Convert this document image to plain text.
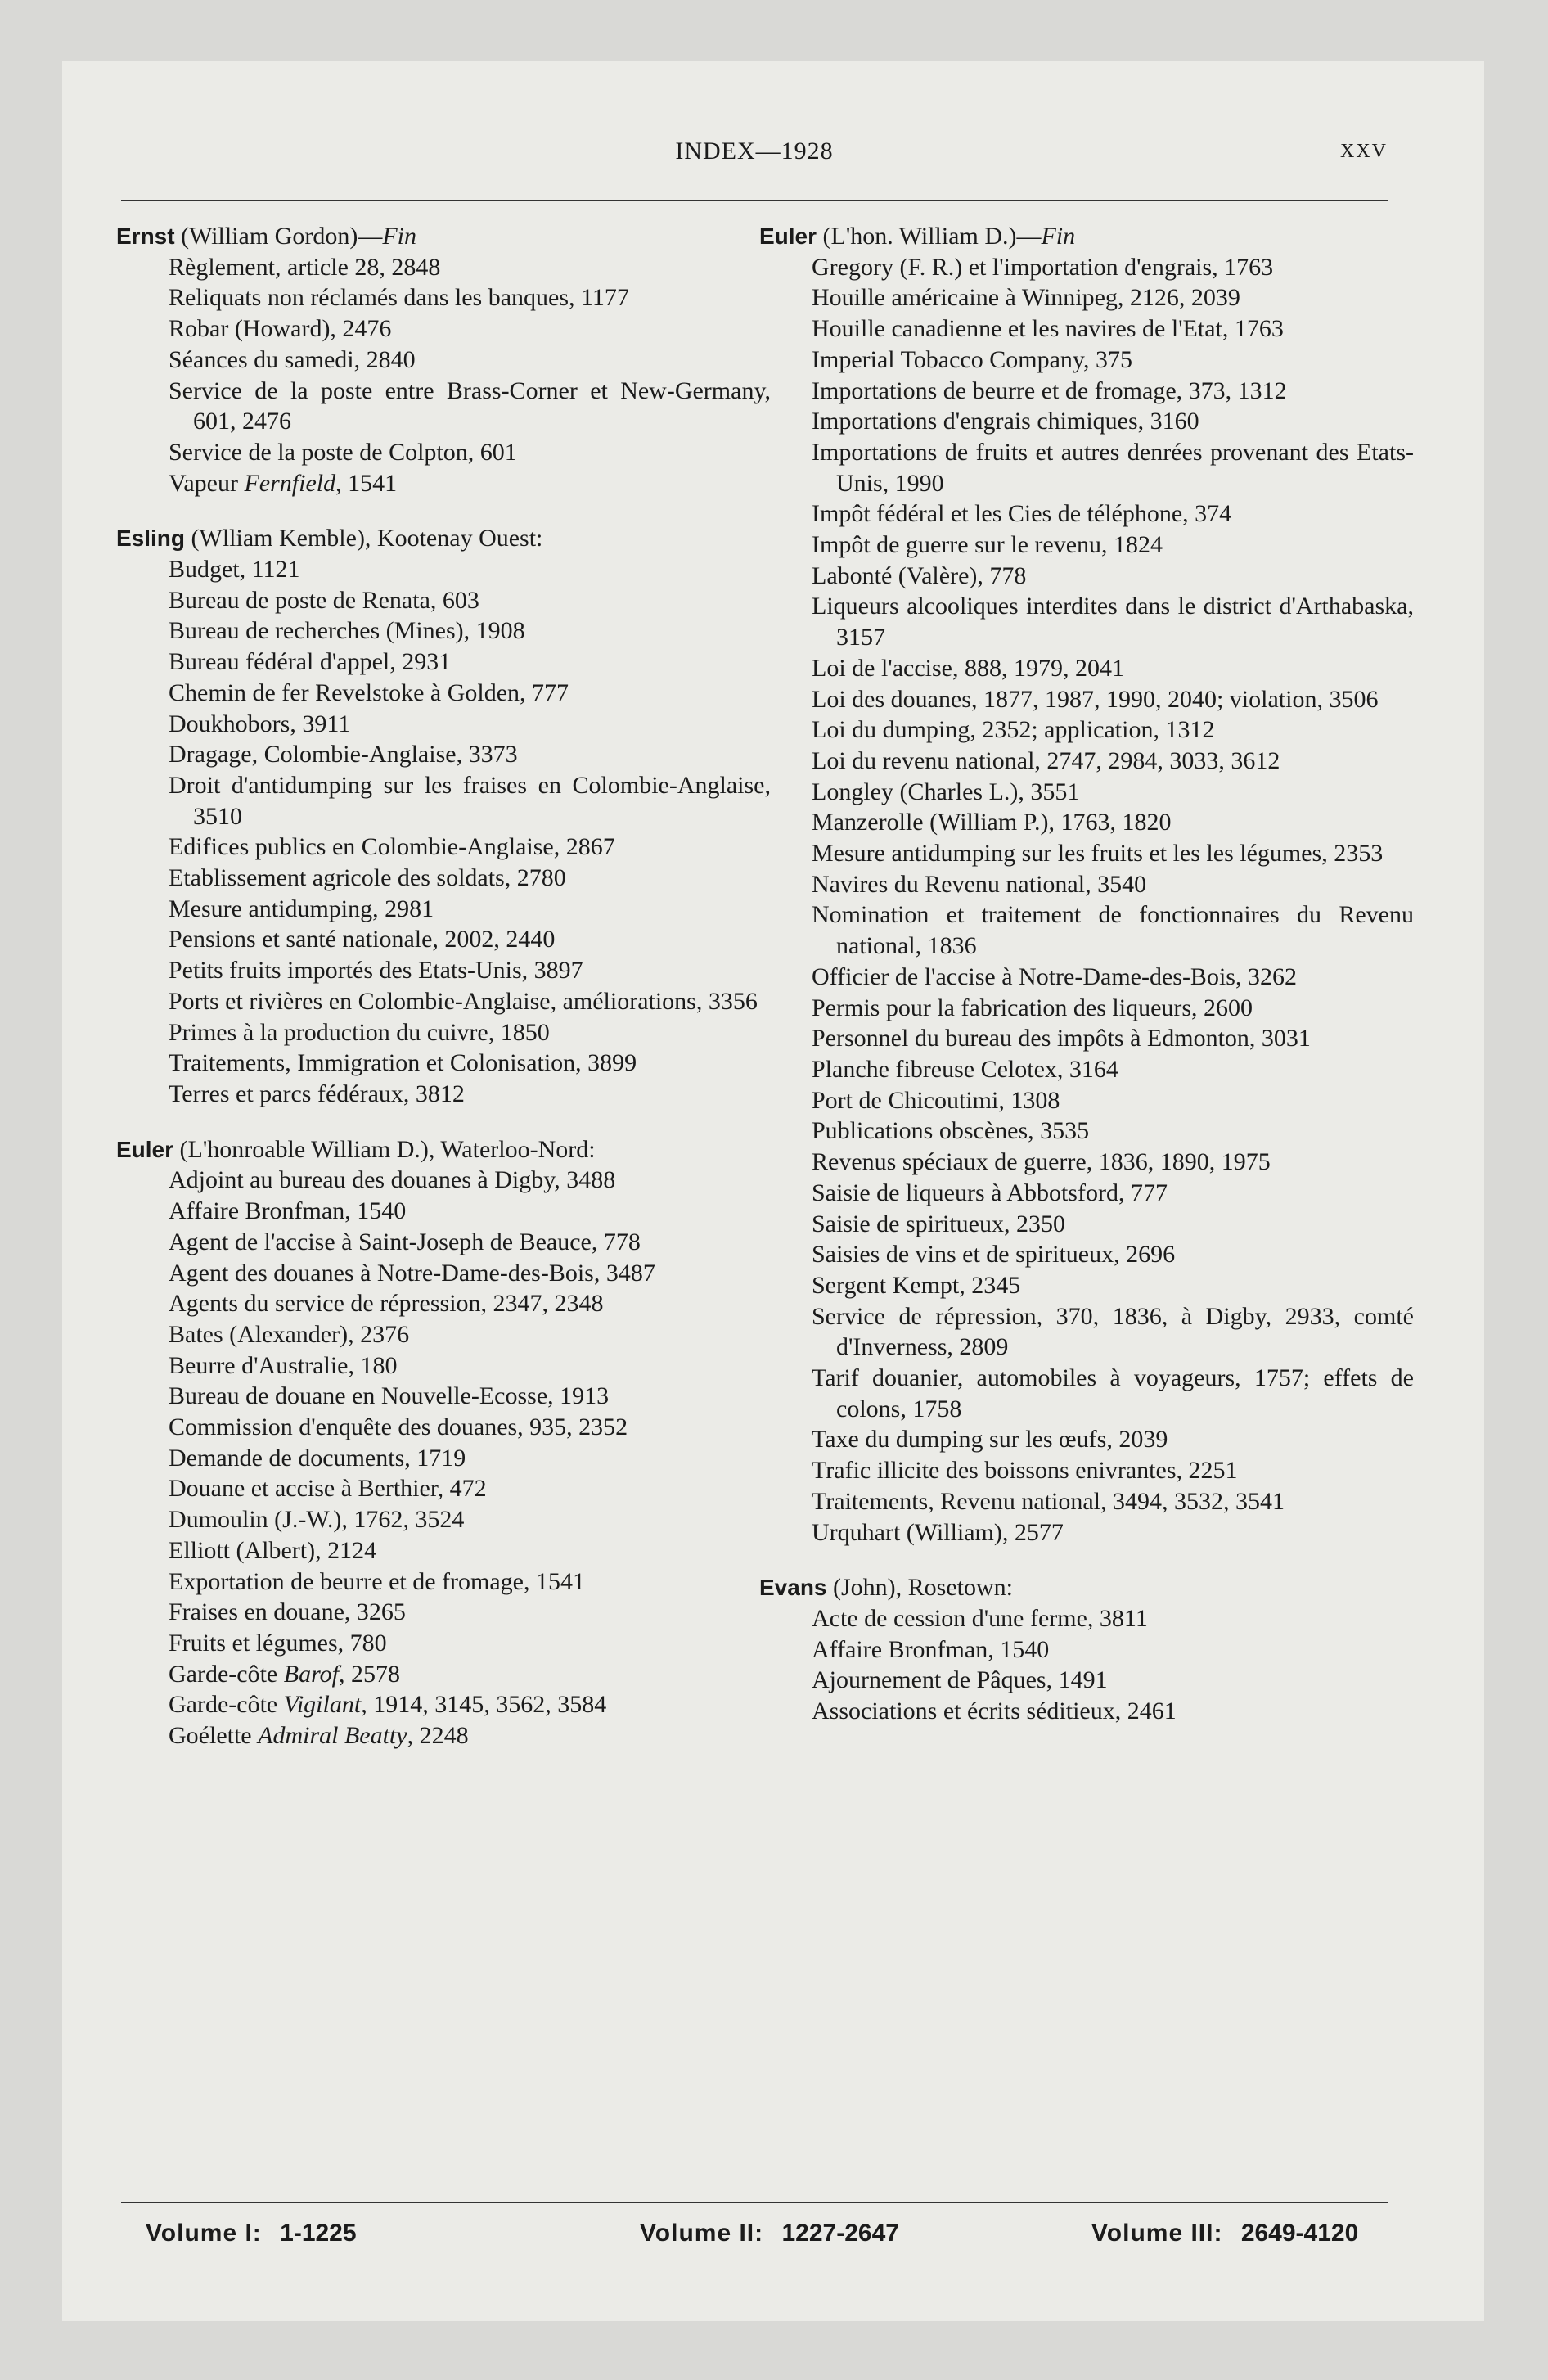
INDEX—1928	XXV
Ernst (William Gordon)—Fin
Règlement, article 28, 2848
Reliquats non réclamés dans les banques, 1177
Robar (Howard), 2476
Séances du samedi, 2840
Service de la poste entre Brass-Corner et New-Germany, 601, 2476
Service de la poste de Colpton, 601
Vapeur Fernfield, 1541
Esling (Wlliam Kemble), Kootenay Ouest:
Budget, 1121
Bureau de poste de Renata, 603
Bureau de recherches (Mines), 1908
Bureau fédéral d'appel, 2931
Chemin de fer Revelstoke à Golden, 777
Doukhobors, 3911
Dragage, Colombie-Anglaise, 3373
Droit d'antidumping sur les fraises en Colombie-Anglaise, 3510
Edifices publics en Colombie-Anglaise, 2867
Etablissement agricole des soldats, 2780
Mesure antidumping, 2981
Pensions et santé nationale, 2002, 2440
Petits fruits importés des Etats-Unis, 3897
Ports et rivières en Colombie-Anglaise, améliorations, 3356
Primes à la production du cuivre, 1850
Traitements, Immigration et Colonisation, 3899
Terres et parcs fédéraux, 3812
Euler (L'honroable William D.), Waterloo-Nord:
Adjoint au bureau des douanes à Digby, 3488
Affaire Bronfman, 1540
Agent de l'accise à Saint-Joseph de Beauce, 778
Agent des douanes à Notre-Dame-des-Bois, 3487
Agents du service de répression, 2347, 2348
Bates (Alexander), 2376
Beurre d'Australie, 180
Bureau de douane en Nouvelle-Ecosse, 1913
Commission d'enquête des douanes, 935, 2352
Demande de documents, 1719
Douane et accise à Berthier, 472
Dumoulin (J.-W.), 1762, 3524
Elliott (Albert), 2124
Exportation de beurre et de fromage, 1541
Fraises en douane, 3265
Fruits et légumes, 780
Garde-côte Barof, 2578
Garde-côte Vigilant, 1914, 3145, 3562, 3584
Goélette Admiral Beatty, 2248
Euler (L'hon. William D.)—Fin
Gregory (F. R.) et l'importation d'engrais, 1763
Houille américaine à Winnipeg, 2126, 2039
Houille canadienne et les navires de l'Etat, 1763
Imperial Tobacco Company, 375
Importations de beurre et de fromage, 373, 1312
Importations d'engrais chimiques, 3160
Importations de fruits et autres denrées provenant des Etats-Unis, 1990
Impôt fédéral et les Cies de téléphone, 374
Impôt de guerre sur le revenu, 1824
Labonté (Valère), 778
Liqueurs alcooliques interdites dans le district d'Arthabaska, 3157
Loi de l'accise, 888, 1979, 2041
Loi des douanes, 1877, 1987, 1990, 2040; violation, 3506
Loi du dumping, 2352; application, 1312
Loi du revenu national, 2747, 2984, 3033, 3612
Longley (Charles L.), 3551
Manzerolle (William P.), 1763, 1820
Mesure antidumping sur les fruits et les les légumes, 2353
Navires du Revenu national, 3540
Nomination et traitement de fonctionnaires du Revenu national, 1836
Officier de l'accise à Notre-Dame-des-Bois, 3262
Permis pour la fabrication des liqueurs, 2600
Personnel du bureau des impôts à Edmonton, 3031
Planche fibreuse Celotex, 3164
Port de Chicoutimi, 1308
Publications obscènes, 3535
Revenus spéciaux de guerre, 1836, 1890, 1975
Saisie de liqueurs à Abbotsford, 777
Saisie de spiritueux, 2350
Saisies de vins et de spiritueux, 2696
Sergent Kempt, 2345
Service de répression, 370, 1836, à Digby, 2933, comté d'Inverness, 2809
Tarif douanier, automobiles à voyageurs, 1757; effets de colons, 1758
Taxe du dumping sur les œufs, 2039
Trafic illicite des boissons enivrantes, 2251
Traitements, Revenu national, 3494, 3532, 3541
Urquhart (William), 2577
Evans (John), Rosetown:
Acte de cession d'une ferme, 3811
Affaire Bronfman, 1540
Ajournement de Pâques, 1491
Associations et écrits séditieux, 2461
Volume I: 1-1225	Volume II: 1227-2647	Volume III: 2649-4120
